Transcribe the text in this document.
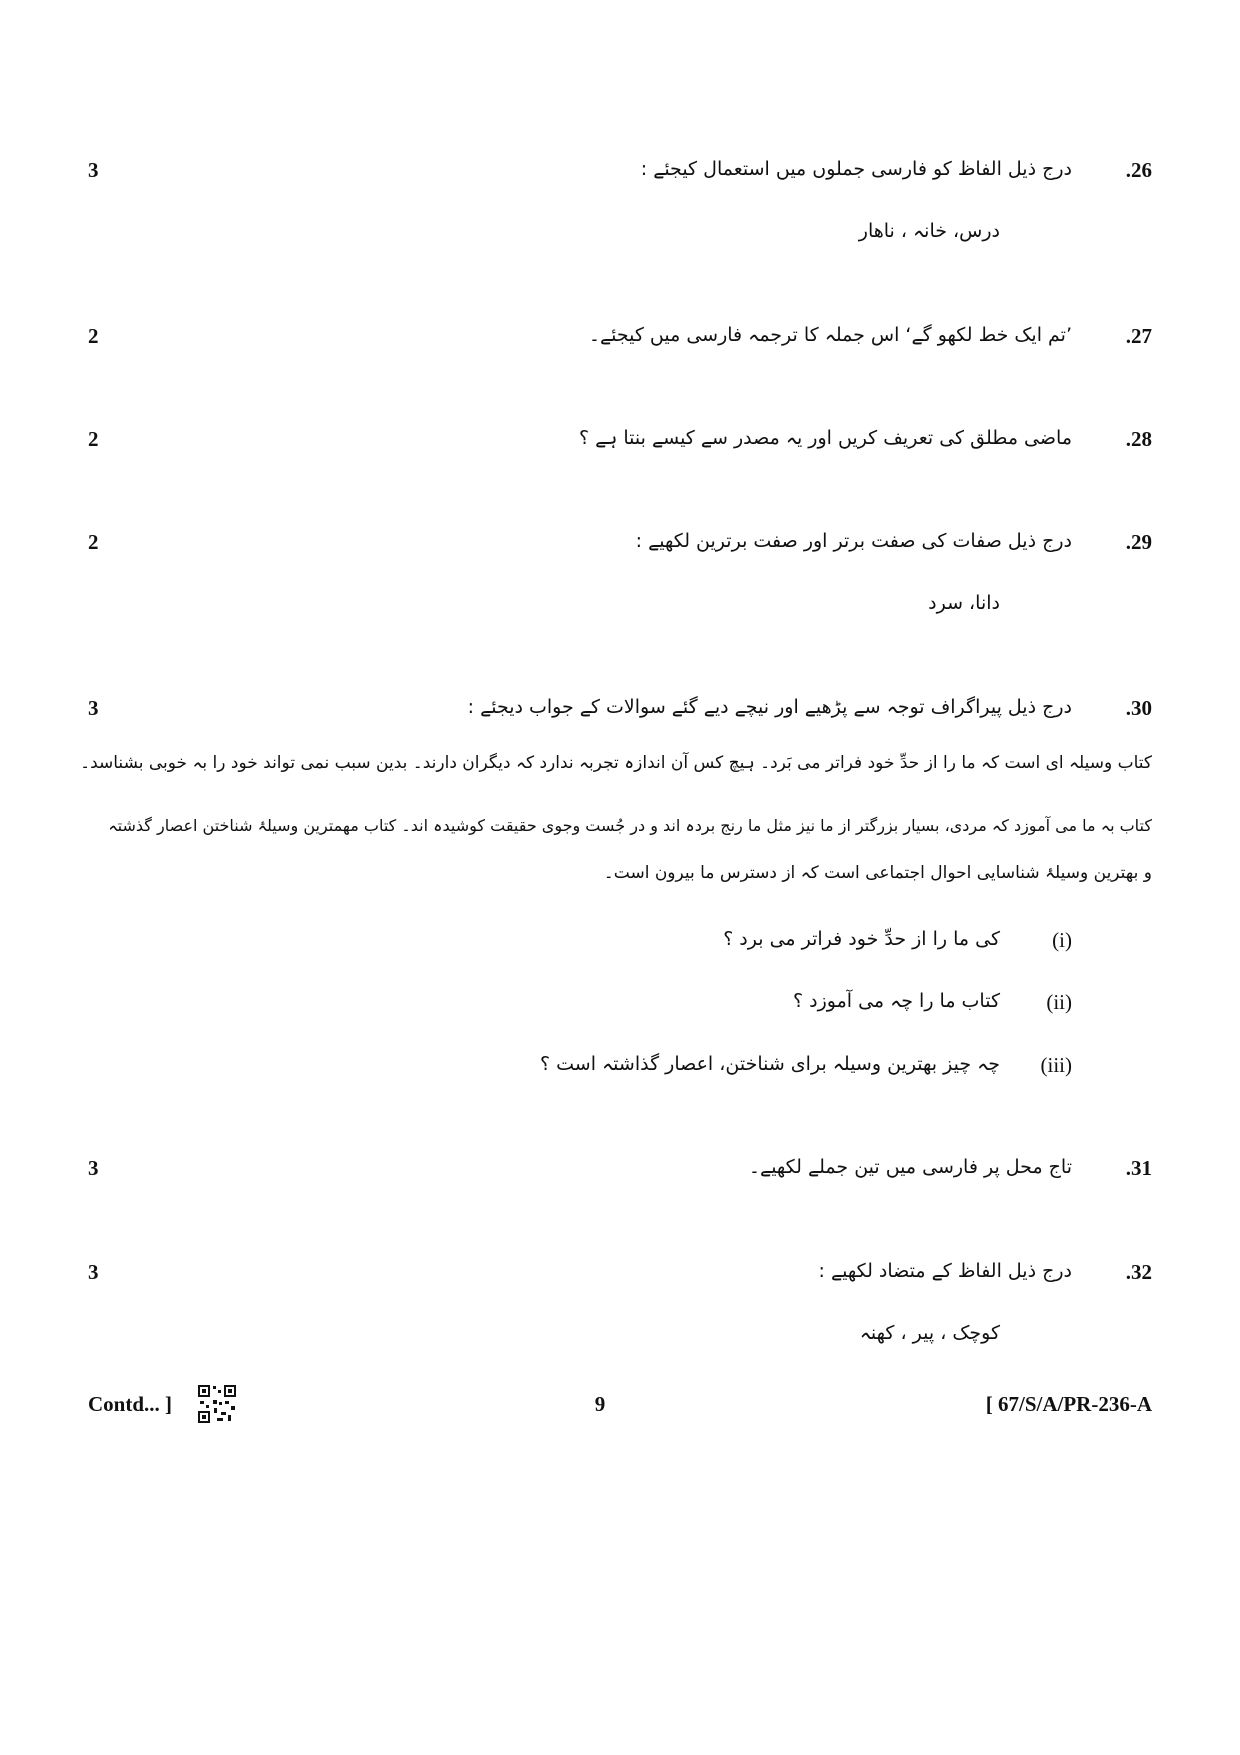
3	.26
درج ذیل الفاظ کو فارسی جملوں میں استعمال کیجئے :
درس، خانہ ، ناھار
2	.27
’تم ایک خط لکھو گے‘ اس جملہ کا ترجمہ فارسی میں کیجئے۔
2	.28
ماضی مطلق کی تعریف کریں اور یہ مصدر سے کیسے بنتا ہے ؟
2	.29
درج ذیل صفات کی صفت برتر اور صفت برترین لکھیے :
دانا، سرد
3	.30
درج ذیل پیراگراف توجہ سے پڑھیے اور نیچے دیے گئے سوالات کے جواب دیجئے :
کتاب وسیلہ ای است کہ ما را از حدِّ خود فراتر می بَرد۔ ہیچ کس آن اندازہ تجربہ ندارد کہ دیگران دارند۔ بدین سبب نمی تواند خود را بہ خوبی بشناسد۔
کتاب بہ ما می آموزد کہ مردی، بسیار بزرگتر از ما نیز مثل ما رنج بردہ اند و در جُست وجوی حقیقت کوشیدہ اند۔ کتاب مھمترین وسیلۂ شناختن اعصار گذشتہ
و بھترین وسیلۂ شناسایی احوال اجتماعی است کہ از دسترس ما بیرون است۔
(i)
کی ما را از حدِّ خود فراتر می برد ؟
(ii)
کتاب ما را چہ می آموزد ؟
(iii)
چہ چیز بھترین وسیلہ برای شناختن، اعصار گذاشتہ است ؟
3	.31
تاج محل پر فارسی میں تین جملے لکھیے۔
3	.32
درج ذیل الفاظ کے متضاد لکھیے :
کوچک ، پیر ، کھنہ
Contd... ]	9	[ 67/S/A/PR-236-A
